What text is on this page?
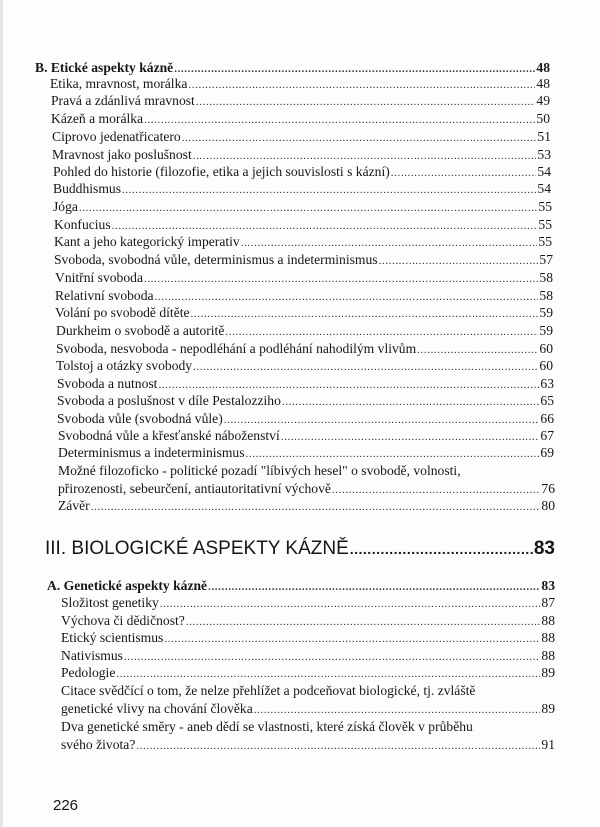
B. Etické aspekty kázně .....	48
Etika, mravnost, morálka .....	48
Pravá a zdánlivá mravnost .....	49
Kázeň a morálka .....	50
Ciprovo jedenatřicatero .....	51
Mravnost jako poslušnost .....	53
Pohled do historie (filozofie, etika a jejich souvislosti s kázní) .....	54
Buddhismus .....	54
Jóga .....	55
Konfucius .....	55
Kant a jeho kategorický imperativ .....	55
Svoboda, svobodná vůle, determinismus a indeterminismus .....	57
Vnitřní svoboda .....	58
Relativní svoboda .....	58
Volání po svobodě dítěte .....	59
Durkheim o svobodě a autoritě .....	59
Svoboda, nesvoboda - nepodléhání a podléhání nahodilým vlivům .....	60
Tolstoj a otázky svobody .....	60
Svoboda a nutnost .....	63
Svoboda a poslušnost v díle Pestalozziho .....	65
Svoboda vůle (svobodná vůle) .....	66
Svobodná vůle a křesťanské náboženství .....	67
Determinismus a indeterminismus .....	69
Možné filozoficko - politické pozadí "líbivých hesel" o svobodě, volnosti,
přirozenosti, sebeurčení, antiautoritativní výchově .....	76
Závěr .....	80
III. BIOLOGICKÉ ASPEKTY KÁZNĚ .....	83
A. Genetické aspekty kázně .....	83
Složitost genetiky .....	87
Výchova či dědičnost? .....	88
Etický scientismus .....	88
Nativismus .....	88
Pedologie .....	89
Citace svědčící o tom, že nelze přehlížet a podceňovat biologické, tj. zvláště
genetické vlivy na chování člověka .....	89
Dva genetické směry - aneb dědí se vlastnosti, které získá člověk v průběhu
svého života? .....	91
226
